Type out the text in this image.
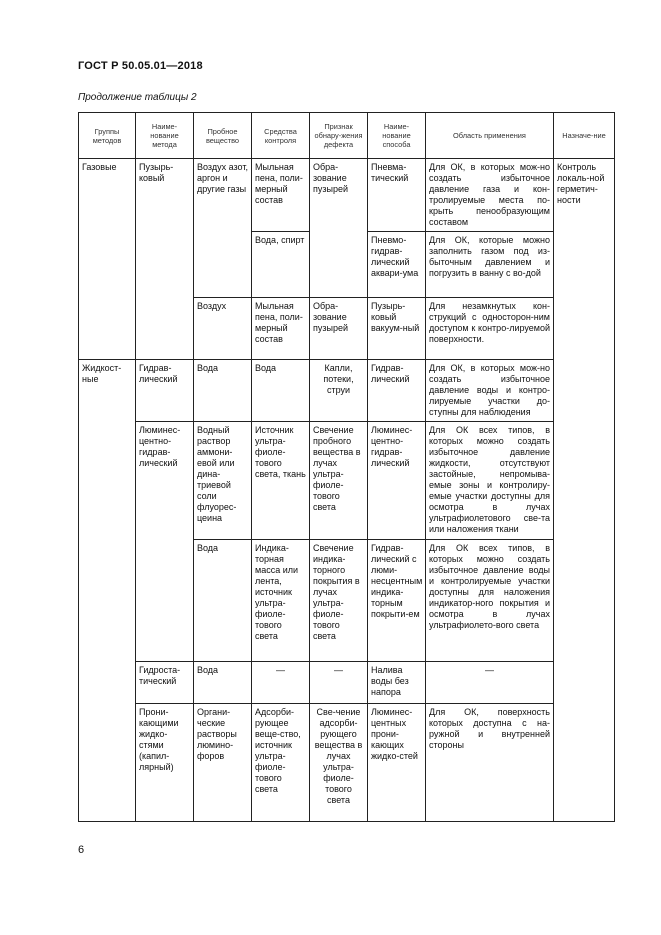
ГОСТ Р 50.05.01—2018
Продолжение таблицы 2
Группы методов	Наиме-нование метода	Пробное вещество	Средства контроля	Признак обнару-жения дефекта	Наиме-нование способа	Область применения	Назначе-ние
Газовые	Пузырь-ковый	Воздух азот, аргон и другие газы	Мыльная пена, поли-мерный состав	Обра-зование пузырей	Пневма-тический	Для ОК, в которых мож-но создать избыточное давление газа и кон-тролируемые места по-крыть пенообразующим составом	Контроль локаль-ной герметич-ности
			Вода, спирт		Пневмо-гидрав-лический аквари-ума	Для ОК, которые можно заполнить газом под из-быточным давлением и погрузить в ванну с во-дой	
		Воздух	Мыльная пена, поли-мерный состав	Обра-зование пузырей	Пузырь-ковый вакуум-ный	Для незамкнутых кон-струкций с односторон-ним доступом к контро-лируемой поверхности.	
Жидкост-ные	Гидрав-лический	Вода	Вода	Капли, потеки, струи	Гидрав-лический	Для ОК, в которых мож-но создать избыточное давление воды и контро-лируемые участки до-ступны для наблюдения	
	Люминес-центно-гидрав-лический	Водный раствор аммони-евой или дина-триевой соли флуорес-цеина	Источник ультра-фиоле-тового света, ткань	Свечение пробного вещества в лучах ультра-фиоле-тового света	Люминес-центно-гидрав-лический	Для ОК всех типов, в которых можно создать избыточное давление жидкости, отсутствуют застойные, непромыва-емые зоны и контролиру-емые участки доступны для осмотра в лучах ультрафиолетового све-та или наложения ткани	
		Вода	Индика-торная масса или лента, источник ультра-фиоле-тового света	Свечение индика-торного покрытия в лучах ультра-фиоле-тового света	Гидрав-лический с люми-несцентным индика-торным покрыти-ем	Для ОК всех типов, в которых можно создать избыточное давление воды и контролируемые участки доступны для наложения индикатор-ного покрытия и осмотра в лучах ультрафиолето-вого света	
	Гидроста-тический	Вода	—	—	Налива воды без напора	—	
	Прони-кающими жидко-стями (капил-лярный)	Органи-ческие растворы люмино-форов	Адсорби-рующее веще-ство, источник ультра-фиоле-тового света	Све-чение адсорби-рующего вещества в лучах ультра-фиоле-тового света	Люминес-центных прони-кающих жидко-стей	Для ОК, поверхность которых доступна с на-ружной и внутренней стороны	
6
